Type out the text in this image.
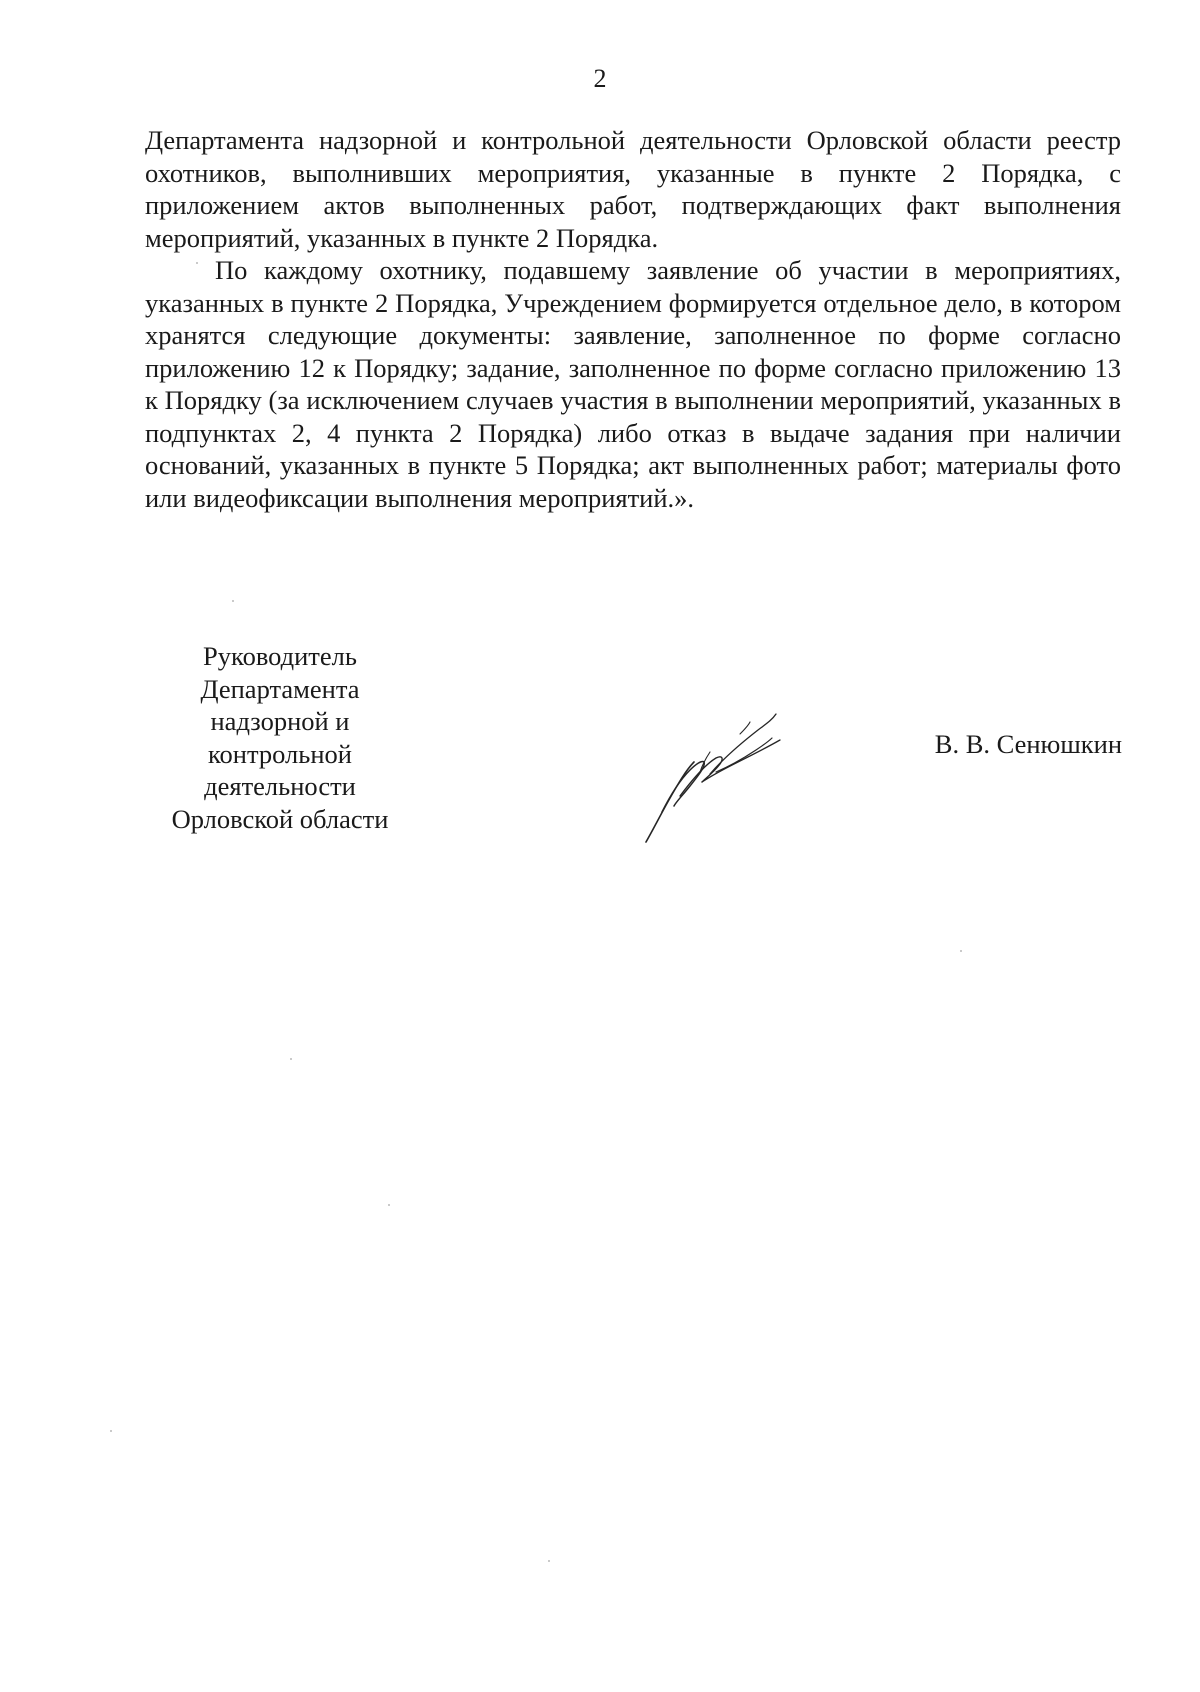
2

Департамента надзорной и контрольной деятельности Орловской области реестр охотников, выполнивших мероприятия, указанные в пункте 2 Порядка, с приложением актов выполненных работ, подтверждающих факт выполнения мероприятий, указанных в пункте 2 Порядка.

По каждому охотнику, подавшему заявление об участии в мероприятиях, указанных в пункте 2 Порядка, Учреждением формируется отдельное дело, в котором хранятся следующие документы: заявление, заполненное по форме согласно приложению 12 к Порядку; задание, заполненное по форме согласно приложению 13 к Порядку (за исключением случаев участия в выполнении мероприятий, указанных в подпунктах 2, 4 пункта 2 Порядка) либо отказ в выдаче задания при наличии оснований, указанных в пункте 5 Порядка; акт выполненных работ; материалы фото или видеофиксации выполнения мероприятий.».

Руководитель
Департамента
надзорной и
контрольной
деятельности
Орловской области
В. В. Сенюшкин
